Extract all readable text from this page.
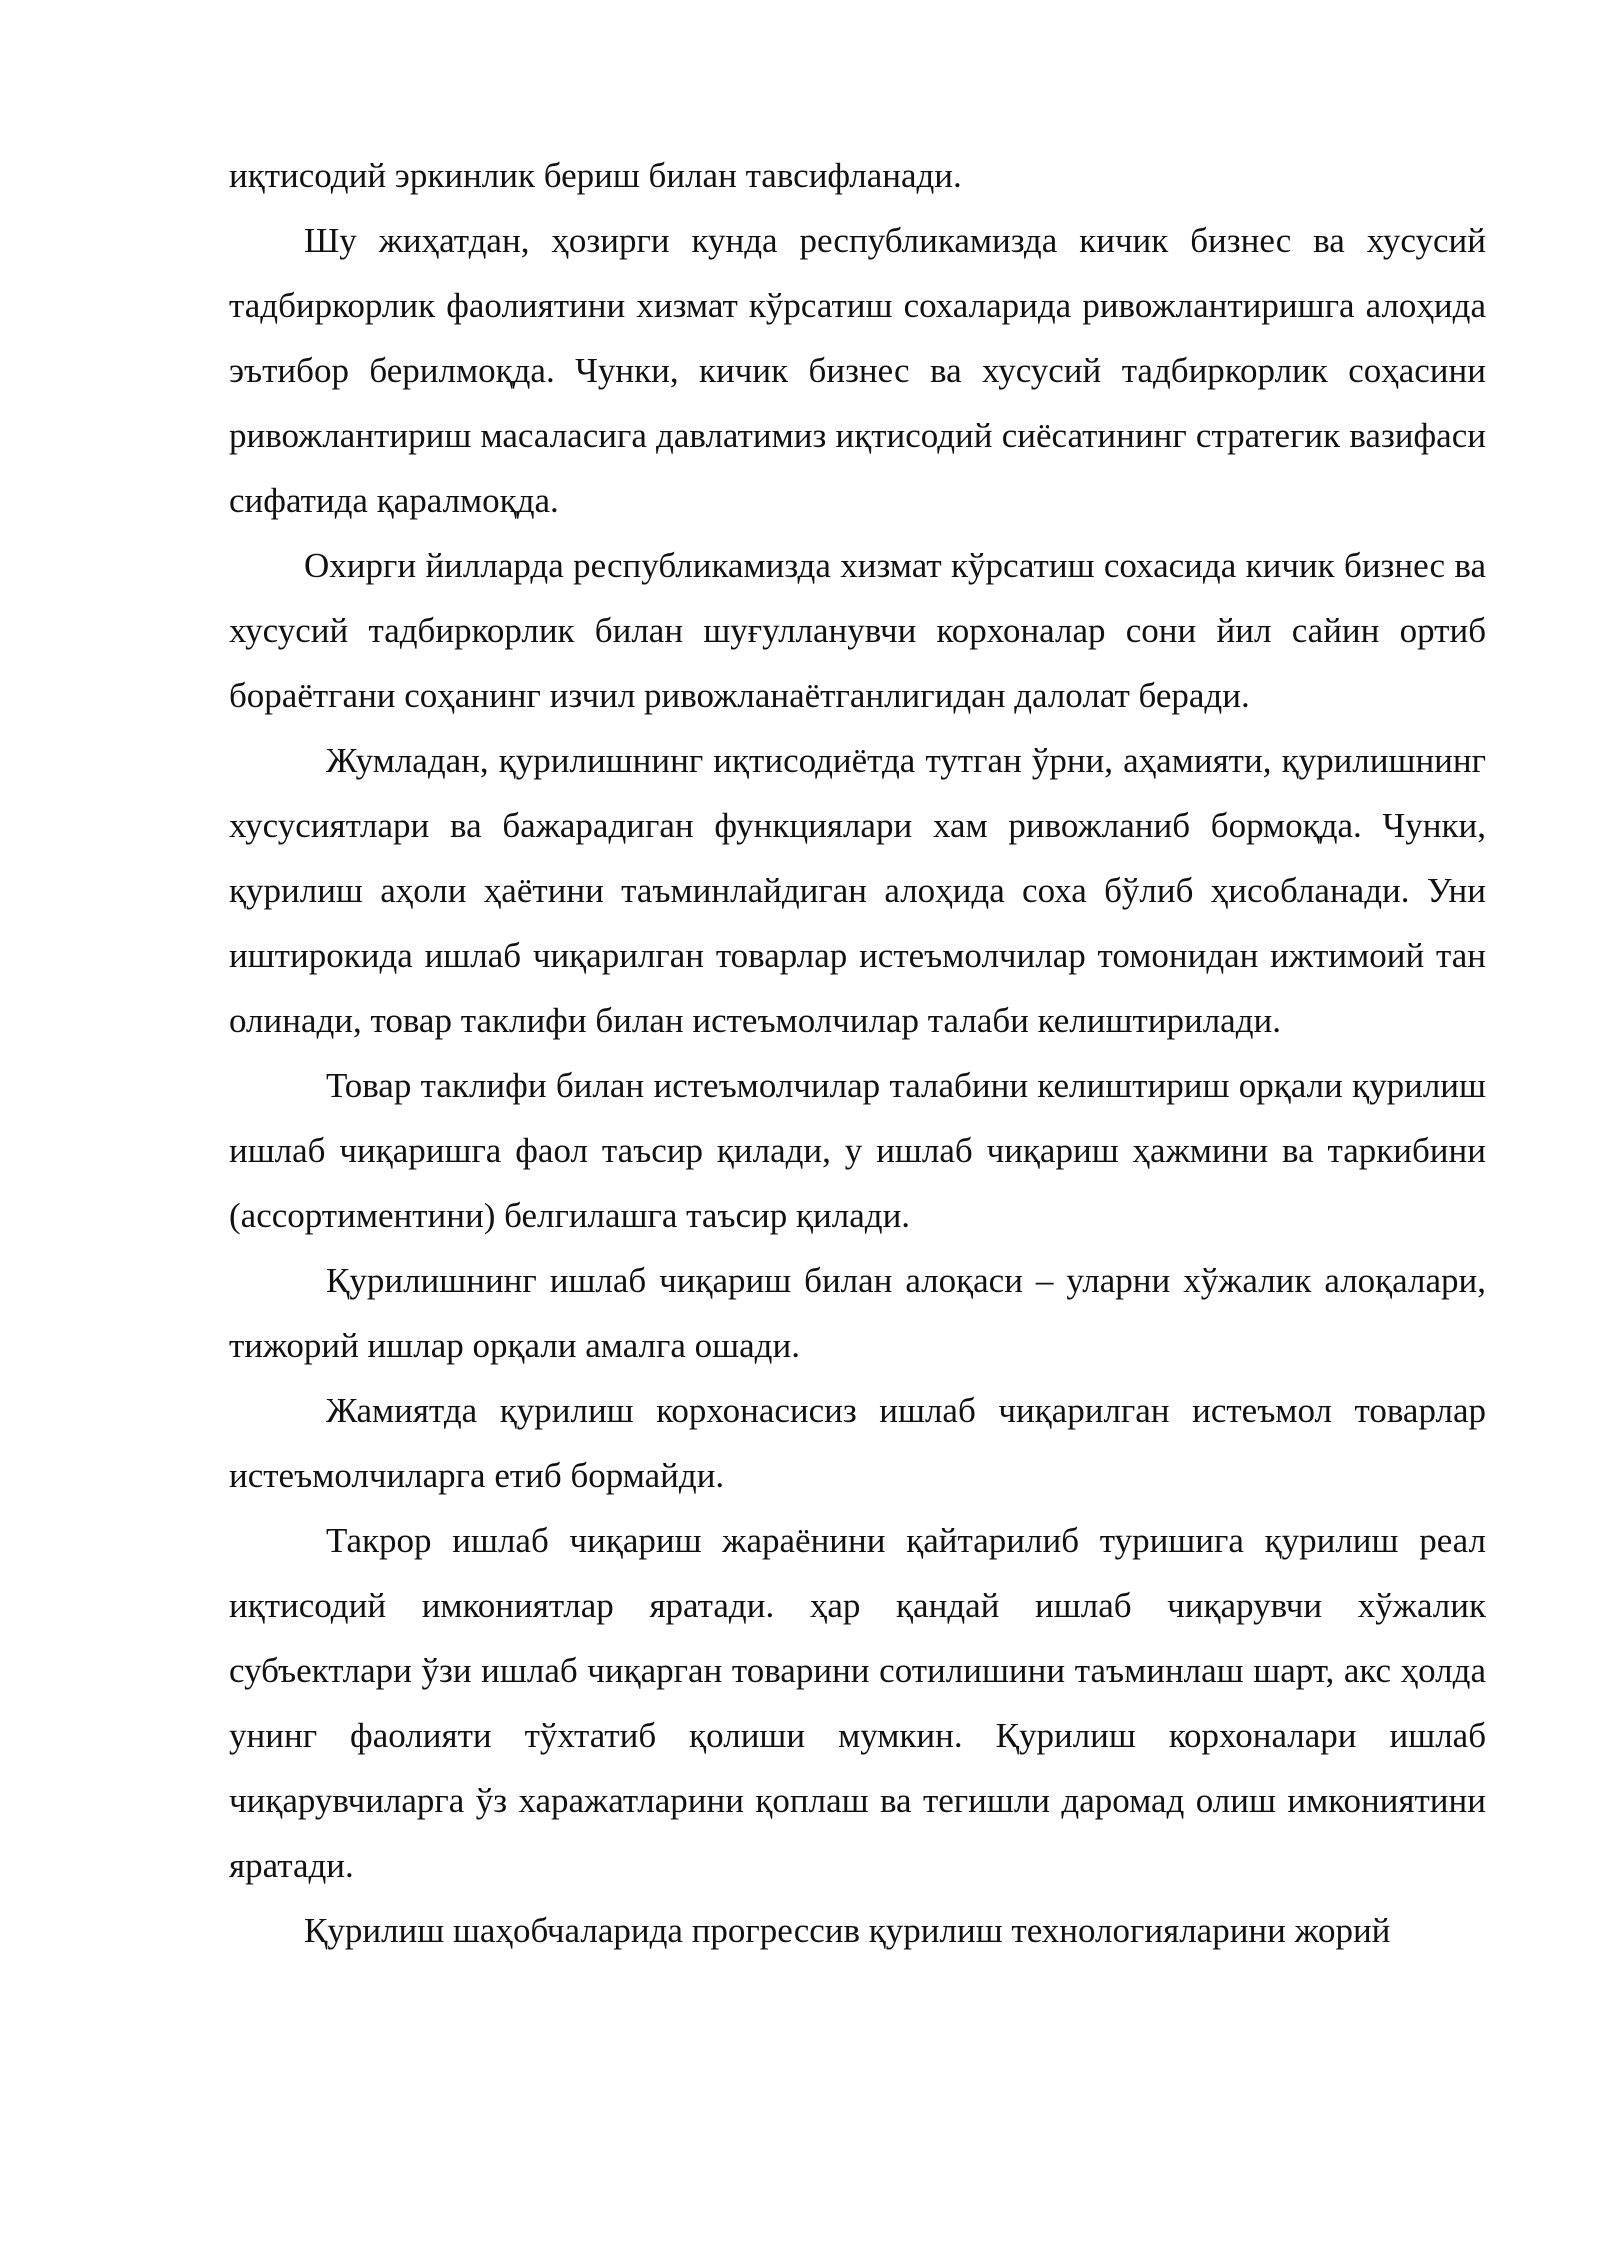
иқтисодий эркинлик бериш билан тавсифланади.

Шу жиҳатдан, ҳозирги кунда республикамизда кичик бизнес ва хусусий тадбиркорлик фаолиятини хизмат кўрсатиш сохаларида ривожлантиришга алоҳида эътибор берилмоқда. Чунки, кичик бизнес ва хусусий тадбиркорлик соҳасини ривожлантириш масаласига давлатимиз иқтисодий сиёсатининг стратегик вазифаси сифатида қаралмоқда.

Охирги йилларда республикамизда хизмат кўрсатиш сохасида кичик бизнес ва хусусий тадбиркорлик билан шуғулланувчи корхоналар сони йил сайин ортиб бораётгани соҳанинг изчил ривожланаётганлигидан далолат беради.

Жумладан, қурилишнинг иқтисодиётда тутган ўрни, аҳамияти, қурилишнинг хусусиятлари ва бажарадиган функциялари хам ривожланиб бормоқда. Чунки, қурилиш аҳоли ҳаётини таъминлайдиган алоҳида соха бўлиб ҳисобланади. Уни иштирокида ишлаб чиқарилган товарлар истеъмолчилар томонидан ижтимоий тан олинади, товар таклифи билан истеъмолчилар талаби келиштирилади.

Товар таклифи билан истеъмолчилар талабини келиштириш орқали қурилиш ишлаб чиқаришга фаол таъсир қилади, у ишлаб чиқариш ҳажмини ва таркибини (ассортиментини) белгилашга таъсир қилади.

Қурилишнинг ишлаб чиқариш билан алоқаси – уларни хўжалик алоқалари, тижорий ишлар орқали амалга ошади.

Жамиятда қурилиш корхонасисиз ишлаб чиқарилган истеъмол товарлар истеъмолчиларга етиб бормайди.

Такрор ишлаб чиқариш жараёнини қайтарилиб туришига қурилиш реал иқтисодий имкониятлар яратади. ҳар қандай ишлаб чиқарувчи хўжалик субъектлари ўзи ишлаб чиқарган товарини сотилишини таъминлаш шарт, акс ҳолда унинг фаолияти тўхтатиб қолиши мумкин. Қурилиш корхоналари ишлаб чиқарувчиларга ўз харажатларини қоплаш ва тегишли даромад олиш имкониятини яратади.

Қурилиш шаҳобчаларида прогрессив қурилиш технологияларини жорий
